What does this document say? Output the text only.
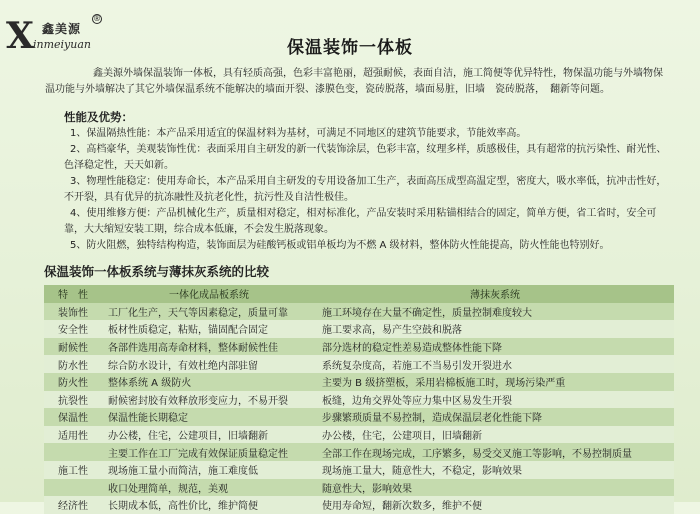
X 鑫美源
®
inmeiyuan	保温装饰一体板

鑫美源外墙保温装饰一体板，具有轻质高强，色彩丰富艳丽，超强耐候，表面自洁，施工简便等优异特性，物保温功能与外墙物保温功能与外墙解决了其它外墙保温系统不能解决的墙面开裂、漆膜色变，瓷砖脱落，墙面易脏，旧墙　瓷砖脱落，　翻新等问题。

性能及优势：
1、保温隔热性能：本产品采用适宜的保温材料为基材，可满足不同地区的建筑节能要求，节能效率高。
2、高档豪华，美观装饰性优：表面采用自主研发的新一代装饰涂层，色彩丰富，纹理多样，质感极佳，具有超常的抗污染性、耐光性、色泽稳定性，天天如新。
3、物理性能稳定：使用寿命长，本产品采用自主研发的专用设备加工生产，表面高压成型高温定型，密度大，吸水率低，抗冲击性好，不开裂，具有优异的抗冻融性及抗老化性，抗污性及自洁性极佳。
4、使用维修方便：产品机械化生产，质量相对稳定，相对标准化，产品安装时采用粘锚相结合的固定，简单方便，省工省时，安全可靠，大大缩短安装工期，综合成本低廉，不会发生脱落现象。
5、防火阻燃，独特结构构造，装饰面层为硅酸钙板或铝单板均为不燃 A 级材料，整体防火性能提高，防火性能也特别好。
保温装饰一体板系统与薄抹灰系统的比较
特　性	一体化成品板系统	薄抹灰系统
装饰性	工厂化生产，天气等因素稳定，质量可靠	施工环境存在大量不确定性，质量控制难度较大
安全性	板材性质稳定，粘贴，锚固配合固定	施工要求高，易产生空鼓和脱落
耐候性	各部件选用高寿命材料，整体耐候性佳	部分选材的稳定性差易造成整体性能下降
防水性	综合防水设计，有效杜绝内部驻留	系统复杂度高，若施工不当易引发开裂进水
防火性	整体系统 A 级防火	主要为 B 级挤塑板，采用岩棉板施工时，现场污染严重
抗裂性	耐候密封胶有效释放形变应力，不易开裂	板缝，边角交界处等应力集中区易发生开裂
保温性	保温性能长期稳定	步骤繁琐质量不易控制，造成保温层老化性能下降
适用性	办公楼，住宅，公建项目，旧墙翻新	办公楼，住宅，公建项目，旧墙翻新
	主要工作在工厂完成有效保证质量稳定性	全部工作在现场完成，工序繁多，易受交叉施工等影响，不易控制质量
施工性	现场施工量小而简洁，施工难度低	现场施工量大，随意性大，不稳定，影响效果
	收口处理简单，规范，美观	随意性大，影响效果
经济性	长期成本低，高性价比，维护简便	使用寿命短，翻新次数多，维护不便
